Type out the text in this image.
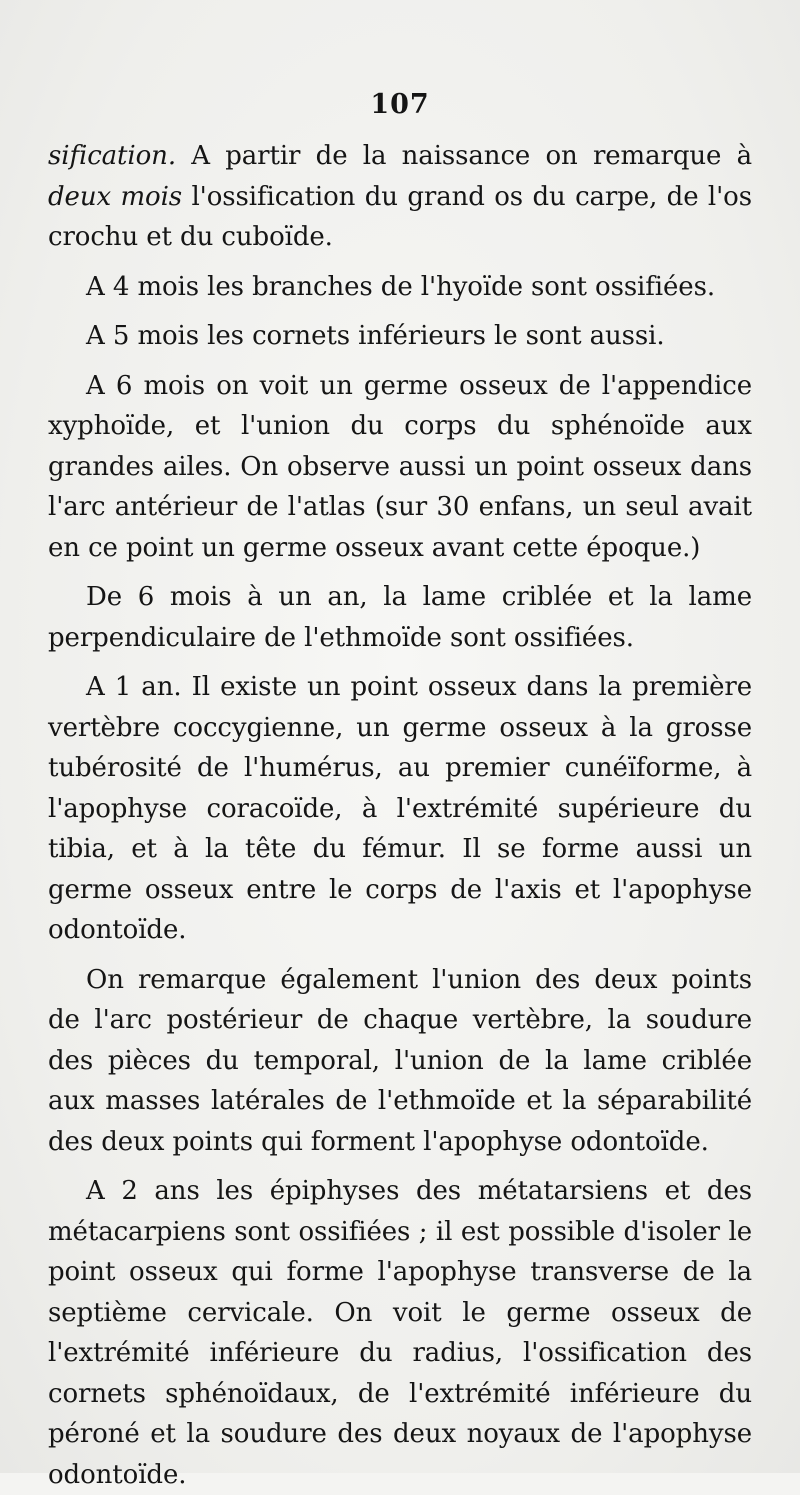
107

sification. A partir de la naissance on remarque à deux mois l'ossification du grand os du carpe, de l'os crochu et du cuboïde.

A 4 mois les branches de l'hyoïde sont ossifiées.

A 5 mois les cornets inférieurs le sont aussi.

A 6 mois on voit un germe osseux de l'appendice xyphoïde, et l'union du corps du sphénoïde aux grandes ailes. On observe aussi un point osseux dans l'arc antérieur de l'atlas (sur 30 enfans, un seul avait en ce point un germe osseux avant cette époque.)

De 6 mois à un an, la lame criblée et la lame perpendiculaire de l'ethmoïde sont ossifiées.

A 1 an. Il existe un point osseux dans la première vertèbre coccygienne, un germe osseux à la grosse tubérosité de l'humérus, au premier cunéïforme, à l'apophyse coracoïde, à l'extrémité supérieure du tibia, et à la tête du fémur. Il se forme aussi un germe osseux entre le corps de l'axis et l'apophyse odontoïde.

On remarque également l'union des deux points de l'arc postérieur de chaque vertèbre, la soudure des pièces du temporal, l'union de la lame criblée aux masses latérales de l'ethmoïde et la séparabilité des deux points qui forment l'apophyse odontoïde.

A 2 ans les épiphyses des métatarsiens et des métacarpiens sont ossifiées ; il est possible d'isoler le point osseux qui forme l'apophyse transverse de la septième cervicale. On voit le germe osseux de l'extrémité inférieure du radius, l'ossification des cornets sphénoïdaux, de l'extrémité inférieure du péroné et la soudure des deux noyaux de l'apophyse odontoïde.
